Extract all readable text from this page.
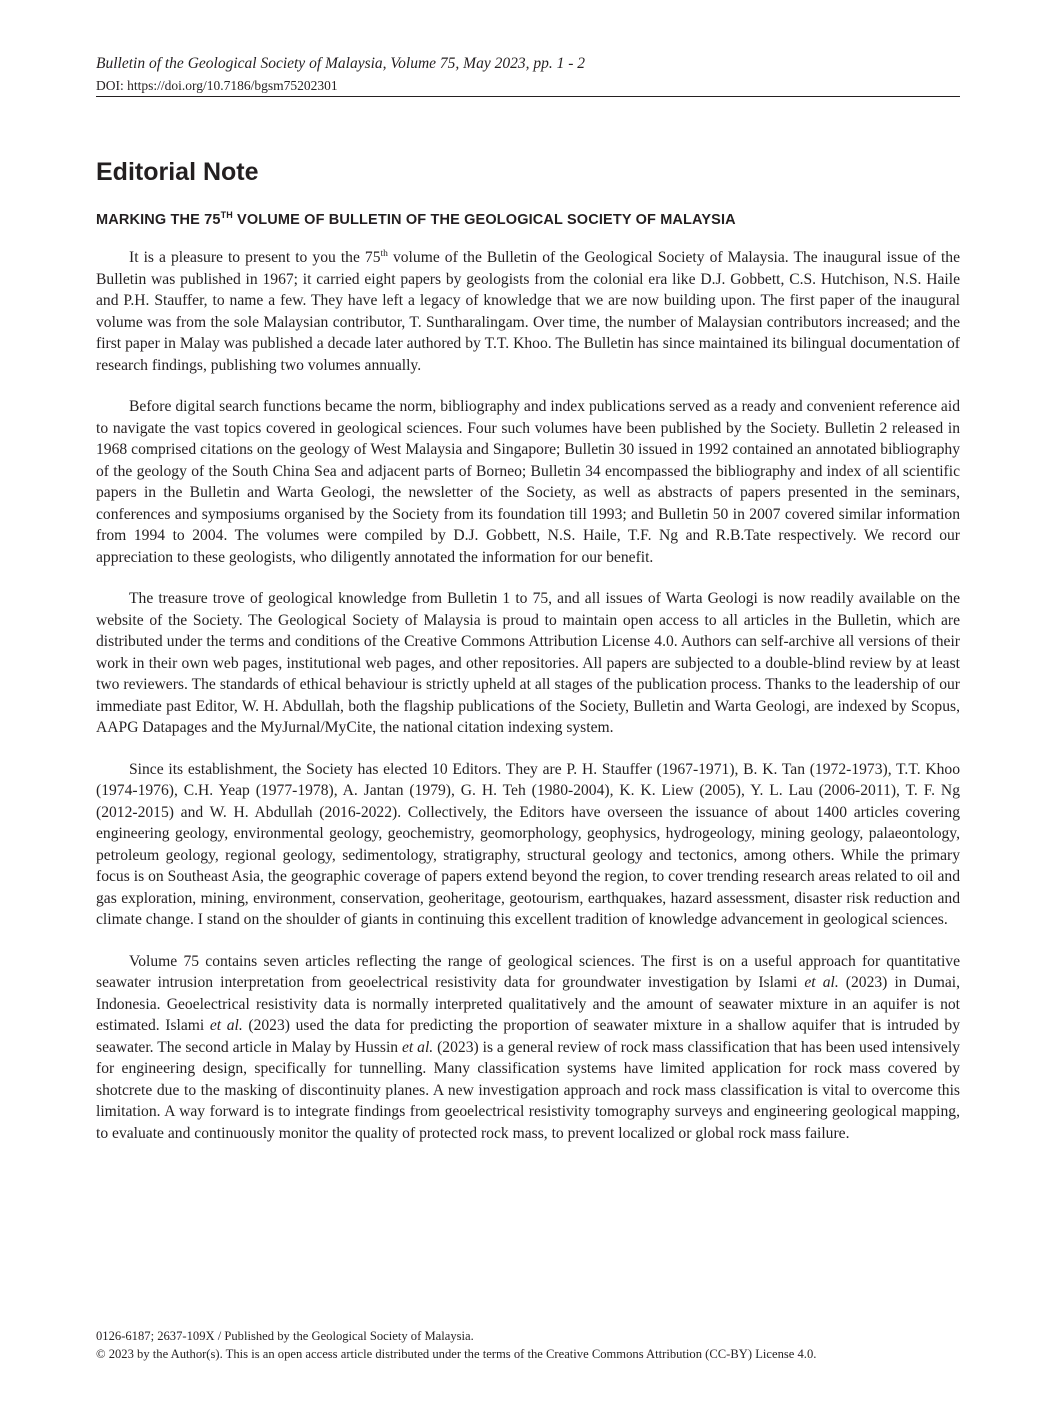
Bulletin of the Geological Society of Malaysia, Volume 75, May 2023, pp. 1 - 2
DOI: https://doi.org/10.7186/bgsm75202301
Editorial Note
MARKING THE 75TH VOLUME OF BULLETIN OF THE GEOLOGICAL SOCIETY OF MALAYSIA

It is a pleasure to present to you the 75th volume of the Bulletin of the Geological Society of Malaysia. The inaugural issue of the Bulletin was published in 1967; it carried eight papers by geologists from the colonial era like D.J. Gobbett, C.S. Hutchison, N.S. Haile and P.H. Stauffer, to name a few. They have left a legacy of knowledge that we are now building upon. The first paper of the inaugural volume was from the sole Malaysian contributor, T. Suntharalingam. Over time, the number of Malaysian contributors increased; and the first paper in Malay was published a decade later authored by T.T. Khoo. The Bulletin has since maintained its bilingual documentation of research findings, publishing two volumes annually.

Before digital search functions became the norm, bibliography and index publications served as a ready and convenient reference aid to navigate the vast topics covered in geological sciences. Four such volumes have been published by the Society. Bulletin 2 released in 1968 comprised citations on the geology of West Malaysia and Singapore; Bulletin 30 issued in 1992 contained an annotated bibliography of the geology of the South China Sea and adjacent parts of Borneo; Bulletin 34 encompassed the bibliography and index of all scientific papers in the Bulletin and Warta Geologi, the newsletter of the Society, as well as abstracts of papers presented in the seminars, conferences and symposiums organised by the Society from its foundation till 1993; and Bulletin 50 in 2007 covered similar information from 1994 to 2004. The volumes were compiled by D.J. Gobbett, N.S. Haile, T.F. Ng and R.B.Tate respectively. We record our appreciation to these geologists, who diligently annotated the information for our benefit.

The treasure trove of geological knowledge from Bulletin 1 to 75, and all issues of Warta Geologi is now readily available on the website of the Society. The Geological Society of Malaysia is proud to maintain open access to all articles in the Bulletin, which are distributed under the terms and conditions of the Creative Commons Attribution License 4.0. Authors can self-archive all versions of their work in their own web pages, institutional web pages, and other repositories. All papers are subjected to a double-blind review by at least two reviewers. The standards of ethical behaviour is strictly upheld at all stages of the publication process. Thanks to the leadership of our immediate past Editor, W. H. Abdullah, both the flagship publications of the Society, Bulletin and Warta Geologi, are indexed by Scopus, AAPG Datapages and the MyJurnal/MyCite, the national citation indexing system.

Since its establishment, the Society has elected 10 Editors. They are P. H. Stauffer (1967-1971), B. K. Tan (1972-1973), T.T. Khoo (1974-1976), C.H. Yeap (1977-1978), A. Jantan (1979), G. H. Teh (1980-2004), K. K. Liew (2005), Y. L. Lau (2006-2011), T. F. Ng (2012-2015) and W. H. Abdullah (2016-2022). Collectively, the Editors have overseen the issuance of about 1400 articles covering engineering geology, environmental geology, geochemistry, geomorphology, geophysics, hydrogeology, mining geology, palaeontology, petroleum geology, regional geology, sedimentology, stratigraphy, structural geology and tectonics, among others. While the primary focus is on Southeast Asia, the geographic coverage of papers extend beyond the region, to cover trending research areas related to oil and gas exploration, mining, environment, conservation, geoheritage, geotourism, earthquakes, hazard assessment, disaster risk reduction and climate change. I stand on the shoulder of giants in continuing this excellent tradition of knowledge advancement in geological sciences.

Volume 75 contains seven articles reflecting the range of geological sciences. The first is on a useful approach for quantitative seawater intrusion interpretation from geoelectrical resistivity data for groundwater investigation by Islami et al. (2023) in Dumai, Indonesia. Geoelectrical resistivity data is normally interpreted qualitatively and the amount of seawater mixture in an aquifer is not estimated. Islami et al. (2023) used the data for predicting the proportion of seawater mixture in a shallow aquifer that is intruded by seawater. The second article in Malay by Hussin et al. (2023) is a general review of rock mass classification that has been used intensively for engineering design, specifically for tunnelling. Many classification systems have limited application for rock mass covered by shotcrete due to the masking of discontinuity planes. A new investigation approach and rock mass classification is vital to overcome this limitation. A way forward is to integrate findings from geoelectrical resistivity tomography surveys and engineering geological mapping, to evaluate and continuously monitor the quality of protected rock mass, to prevent localized or global rock mass failure.

0126-6187; 2637-109X / Published by the Geological Society of Malaysia.
© 2023 by the Author(s). This is an open access article distributed under the terms of the Creative Commons Attribution (CC-BY) License 4.0.
